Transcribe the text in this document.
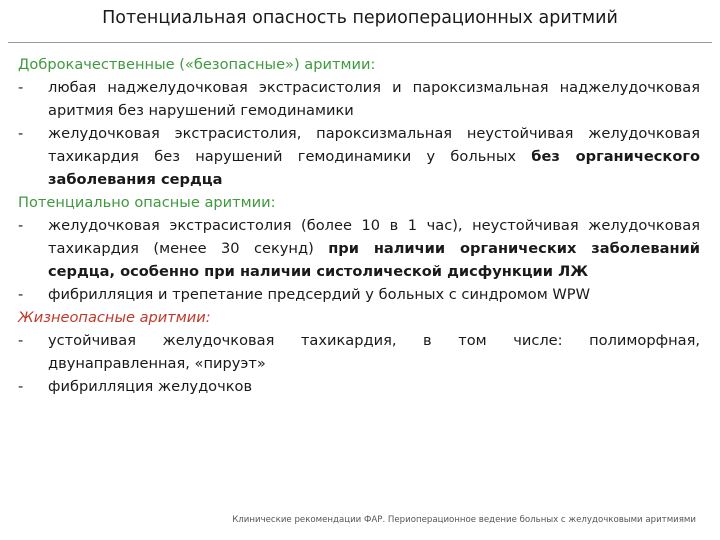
Потенциальная опасность периоперационных аритмий
Доброкачественные («безопасные») аритмии:
- любая наджелудочковая экстрасистолия и пароксизмальная наджелудочковая аритмия без нарушений гемодинамики
- желудочковая экстрасистолия, пароксизмальная неустойчивая желудочковая тахикардия без нарушений гемодинамики у больных без органического заболевания сердца
Потенциально опасные аритмии:
- желудочковая экстрасистолия (более 10 в 1 час), неустойчивая желудочковая тахикардия (менее 30 секунд) при наличии органических заболеваний сердца, особенно при наличии систолической дисфункции ЛЖ
- фибрилляция и трепетание предсердий у больных с синдромом WPW
Жизнеопасные аритмии:
- устойчивая желудочковая тахикардия, в том числе: полиморфная, двунаправленная, «пируэт»
- фибрилляция желудочков
Клинические рекомендации ФАР. Периоперационное ведение больных с желудочковыми аритмиями
